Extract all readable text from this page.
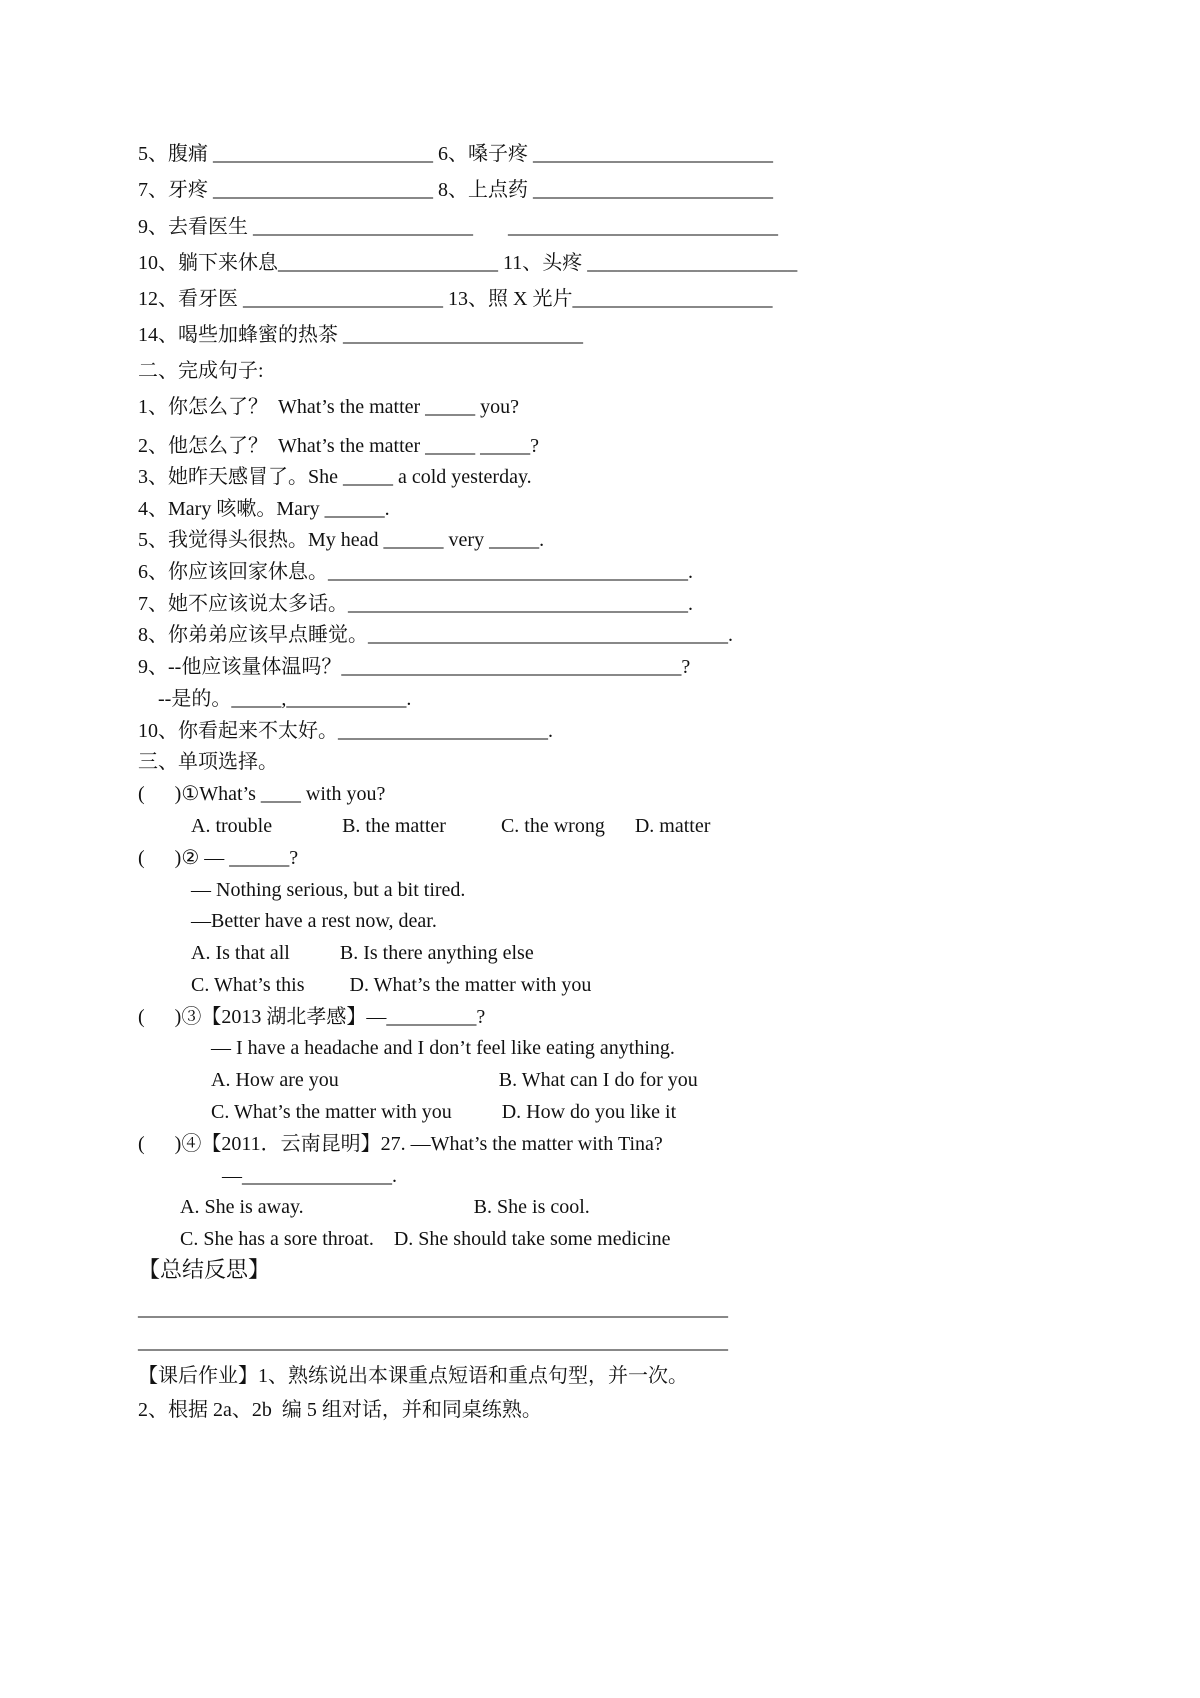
5、腹痛 ______________________ 6、嗓子疼 ________________________
7、牙疼 ______________________ 8、上点药 ________________________
9、去看医生 ______________________       ___________________________
10、躺下来休息______________________ 11、头疼 _____________________
12、看牙医 ____________________ 13、照 X 光片____________________
14、喝些加蜂蜜的热茶 ________________________
二、完成句子:
1、你怎么了？  What’s the matter _____ you?
2、他怎么了？  What’s the matter _____ _____?
3、她昨天感冒了。She _____ a cold yesterday.
4、Mary 咳嗽。Mary ______.
5、我觉得头很热。My head ______ very _____.
6、你应该回家休息。____________________________________.
7、她不应该说太多话。__________________________________.
8、你弟弟应该早点睡觉。____________________________________.
9、--他应该量体温吗？__________________________________?
--是的。_____,____________.
10、你看起来不太好。_____________________.
三、单项选择。
(      )①What’s ____ with you?
A. trouble              B. the matter           C. the wrong      D. matter
(      )② — ______?
— Nothing serious, but a bit tired.
—Better have a rest now, dear.
A. Is that all          B. Is there anything else
C. What’s this         D. What’s the matter with you
(      )③【2013 湖北孝感】—_________?
— I have a headache and I don’t feel like eating anything.
A. How are you                                B. What can I do for you
C. What’s the matter with you          D. How do you like it
(      )④【2011．云南昆明】27. —What’s the matter with Tina?
—_______________.
A. She is away.                                  B. She is cool.
C. She has a sore throat.    D. She should take some medicine
【总结反思】
___________________________________________________________
___________________________________________________________
【课后作业】1、熟练说出本课重点短语和重点句型，并一次。
2、根据 2a、2b  编 5 组对话，并和同桌练熟。
